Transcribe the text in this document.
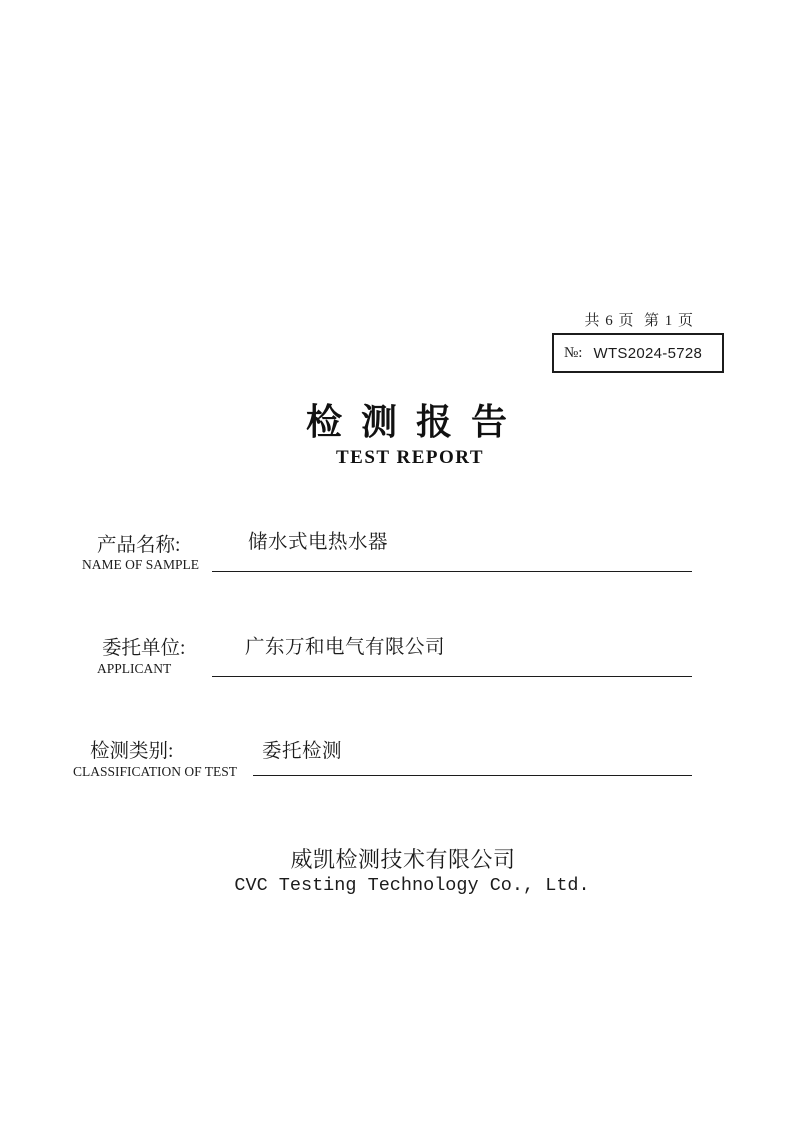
共 6 页  第 1 页
№: WTS2024-5728
检 测 报 告
TEST REPORT
产品名称:
NAME OF SAMPLE
储水式电热水器
委托单位:
APPLICANT
广东万和电气有限公司
检测类别:
CLASSIFICATION OF TEST
委托检测
威凯检测技术有限公司
CVC Testing Technology Co., Ltd.
